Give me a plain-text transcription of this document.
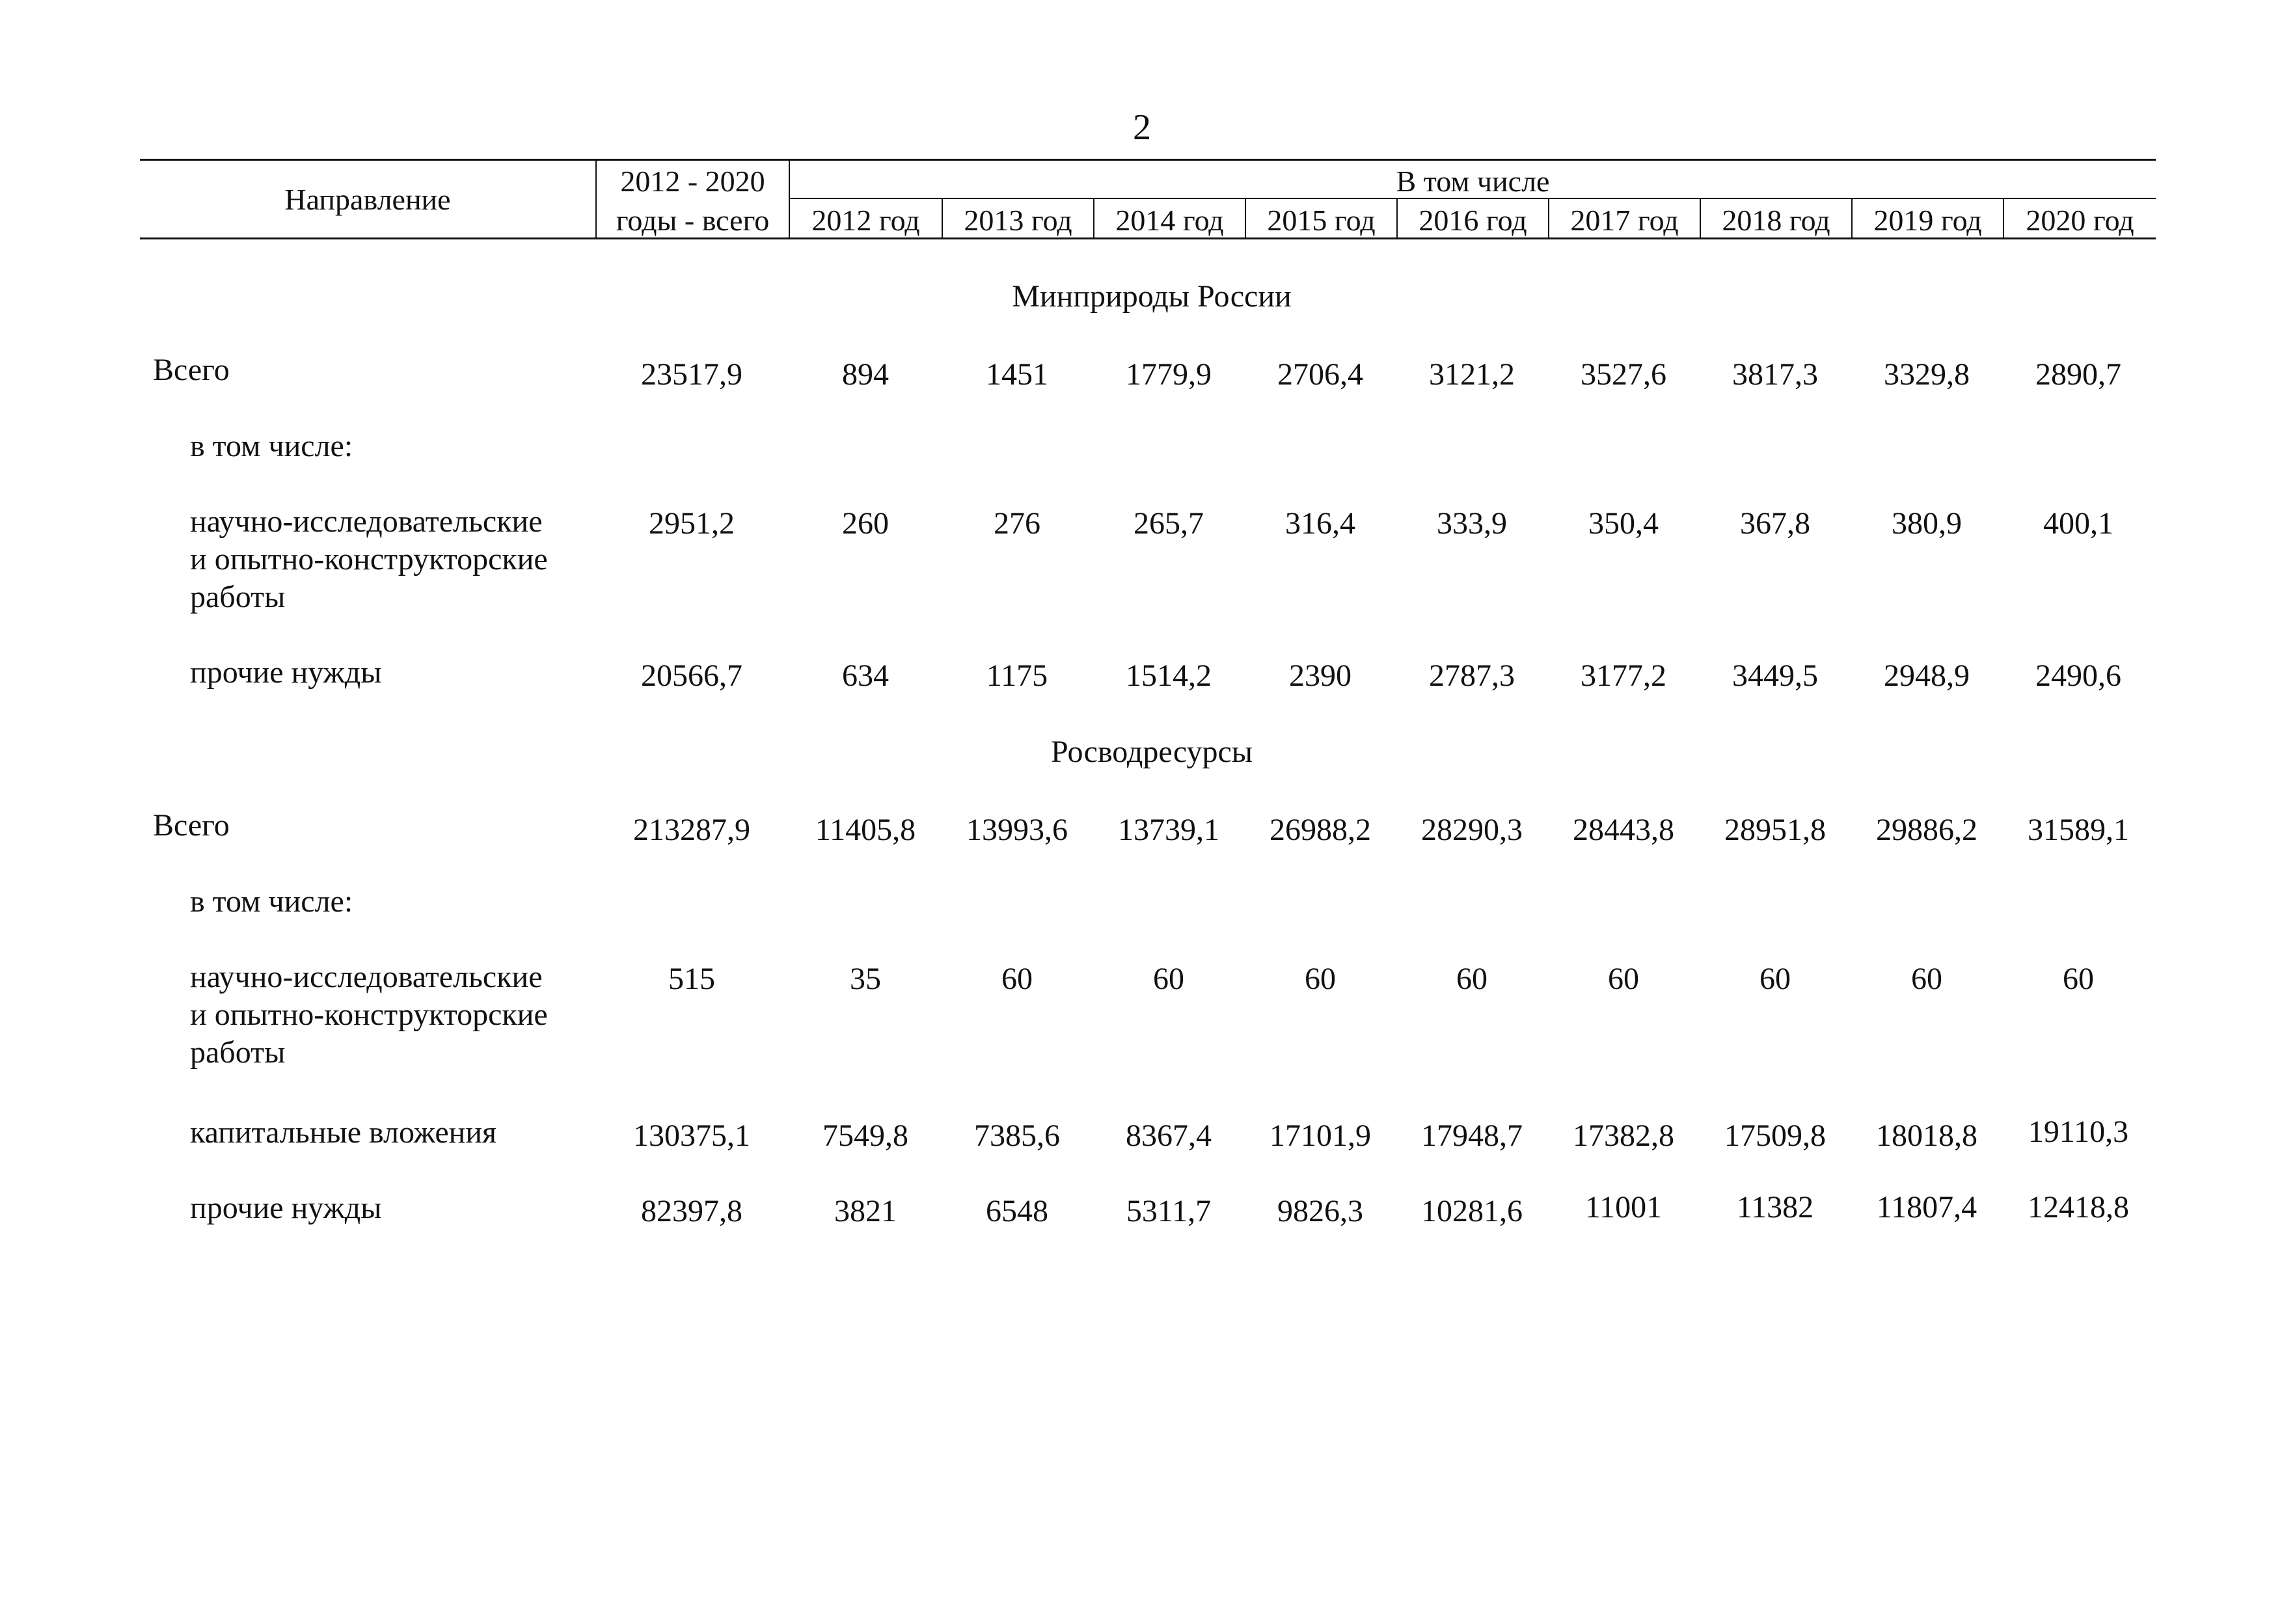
2
Направление
2012 - 2020
годы - всего
В том числе
2012 год	2013 год	2014 год	2015 год	2016 год	2017 год	2018 год	2019 год	2020 год
Минприроды России
Всего	23517,9	894	1451	1779,9	2706,4	3121,2	3527,6	3817,3	3329,8	2890,7
в том числе:
научно-исследовательские
и опытно-конструкторские
работы
2951,2	260	276	265,7	316,4	333,9	350,4	367,8	380,9	400,1
прочие нужды	20566,7	634	1175	1514,2	2390	2787,3	3177,2	3449,5	2948,9	2490,6
Росводресурсы
Всего	213287,9	11405,8	13993,6	13739,1	26988,2	28290,3	28443,8	28951,8	29886,2	31589,1
в том числе:
научно-исследовательские
и опытно-конструкторские
работы
515	35	60	60	60	60	60	60	60	60
капитальные вложения	130375,1	7549,8	7385,6	8367,4	17101,9	17948,7	17382,8	17509,8	18018,8	19110,3
прочие нужды	82397,8	3821	6548	5311,7	9826,3	10281,6	11001	11382	11807,4	12418,8
